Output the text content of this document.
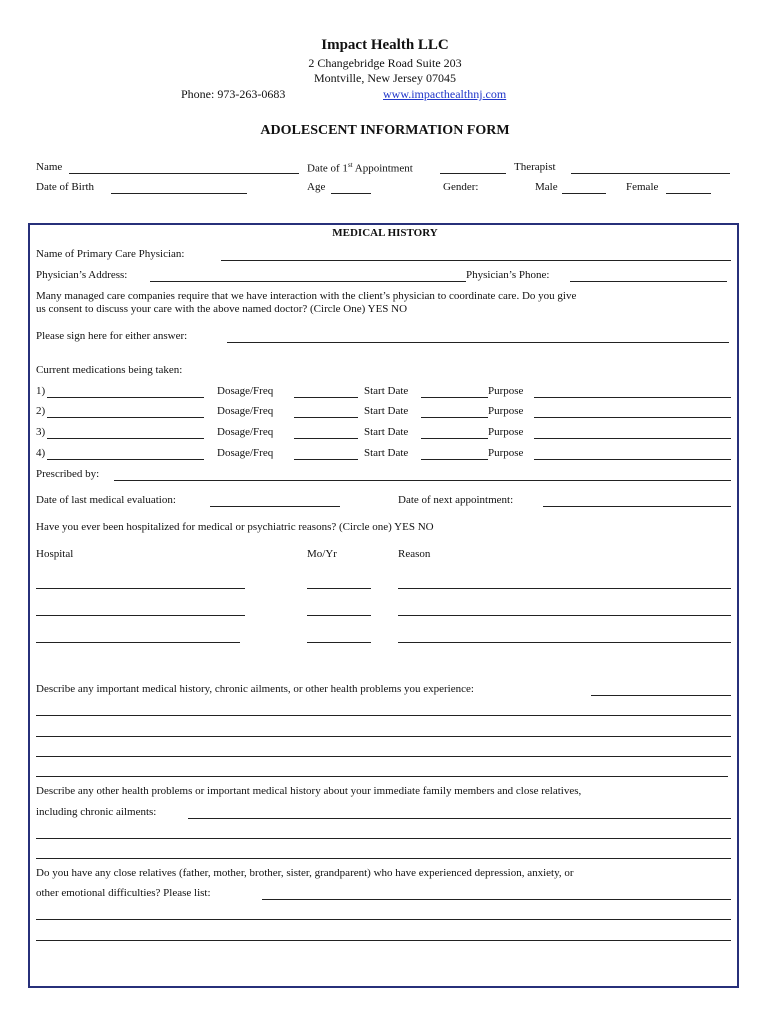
Impact Health LLC
2 Changebridge Road Suite 203
Montville, New Jersey 07045
Phone: 973-263-0683	www.impacthealthnj.com
ADOLESCENT INFORMATION FORM
Name	Date of 1st Appointment	Therapist
Date of Birth	Age	Gender:	Male	Female
MEDICAL HISTORY
Name of Primary Care Physician:
Physician’s Address:	Physician’s Phone:
Many managed care companies require that we have interaction with the client’s physician to coordinate care. Do you give
us consent to discuss your care with the above named doctor? (Circle One) YES NO
Please sign here for either answer:
Current medications being taken:
1)	Dosage/Freq	Start Date	Purpose
2)	Dosage/Freq	Start Date	Purpose
3)	Dosage/Freq	Start Date	Purpose
4)	Dosage/Freq	Start Date	Purpose
Prescribed by:
Date of last medical evaluation:	Date of next appointment:
Have you ever been hospitalized for medical or psychiatric reasons? (Circle one) YES NO
Hospital	Mo/Yr	Reason
Describe any important medical history, chronic ailments, or other health problems you experience:
Describe any other health problems or important medical history about your immediate family members and close relatives,
including chronic ailments:
Do you have any close relatives (father, mother, brother, sister, grandparent) who have experienced depression, anxiety, or
other emotional difficulties? Please list:
